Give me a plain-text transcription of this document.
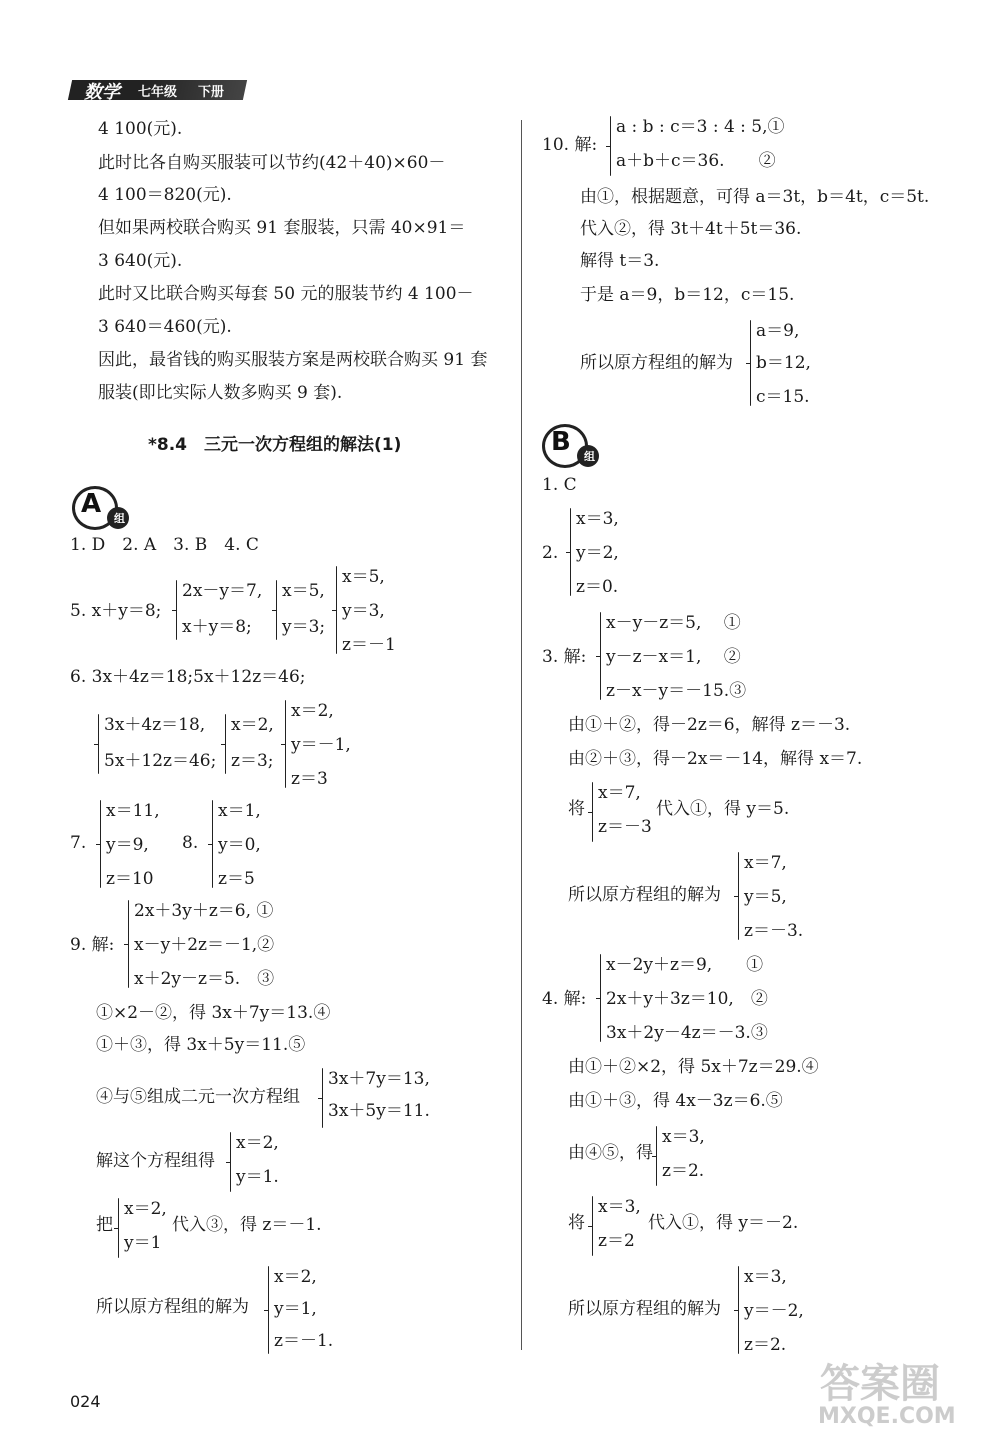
数学 七年级 下册
4 100(元).
此时比各自购买服装可以节约(42＋40)×60－
4 100＝820(元).
但如果两校联合购买 91 套服装，只需 40×91＝
3 640(元).
此时又比联合购买每套 50 元的服装节约 4 100－
3 640＝460(元).
因此，最省钱的购买服装方案是两校联合购买 91 套
服装(即比实际人数多购买 9 套).
*8.4　三元一次方程组的解法(1)
A 组
1. D　2. A　3. B　4. C
5. x＋y＝8;
2x－y＝7,
x＋y＝8;
x＝5,
y＝3;
x＝5,
y＝3,
z＝－1
6. 3x＋4z＝18;5x＋12z＝46;
3x＋4z＝18,
5x＋12z＝46;
x＝2,
z＝3;
x＝2,
y＝－1,
z＝3
7.
x＝11,
y＝9,
z＝10
8.
x＝1,
y＝0,
z＝5
9. 解:
2x＋3y＋z＝6, ①
x－y＋2z＝－1,②
x＋2y－z＝5.　③
①×2－②，得 3x＋7y＝13.④
①＋③，得 3x＋5y＝11.⑤
④与⑤组成二元一次方程组
3x＋7y＝13,
3x＋5y＝11.
解这个方程组得
x＝2,
y＝1.
把
x＝2,
y＝1
代入③，得 z＝－1.
所以原方程组的解为
x＝2,
y＝1,
z＝－1.
10. 解:
a : b : c＝3 : 4 : 5,①
a＋b＋c＝36.　　②
由①，根据题意，可得 a＝3t，b＝4t，c＝5t.
代入②，得 3t＋4t＋5t＝36.
解得 t＝3.
于是 a＝9，b＝12，c＝15.
所以原方程组的解为
a＝9,
b＝12,
c＝15.
B 组
1. C
2.
x＝3,
y＝2,
z＝0.
3. 解:
x－y－z＝5,　 ①
y－z－x＝1,　 ②
z－x－y＝－15.③
由①＋②，得－2z＝6，解得 z＝－3.
由②＋③，得－2x＝－14，解得 x＝7.
将
x＝7,
z＝－3
代入①，得 y＝5.
所以原方程组的解为
x＝7,
y＝5,
z＝－3.
4. 解:
x－2y＋z＝9,　　①
2x＋y＋3z＝10,　②
3x＋2y－4z＝－3.③
由①＋②×2，得 5x＋7z＝29.④
由①＋③，得 4x－3z＝6.⑤
由④⑤，得
x＝3,
z＝2.
将
x＝3,
z＝2
代入①，得 y＝－2.
所以原方程组的解为
x＝3,
y＝－2,
z＝2.
024	答案圈
MXQE.COM
